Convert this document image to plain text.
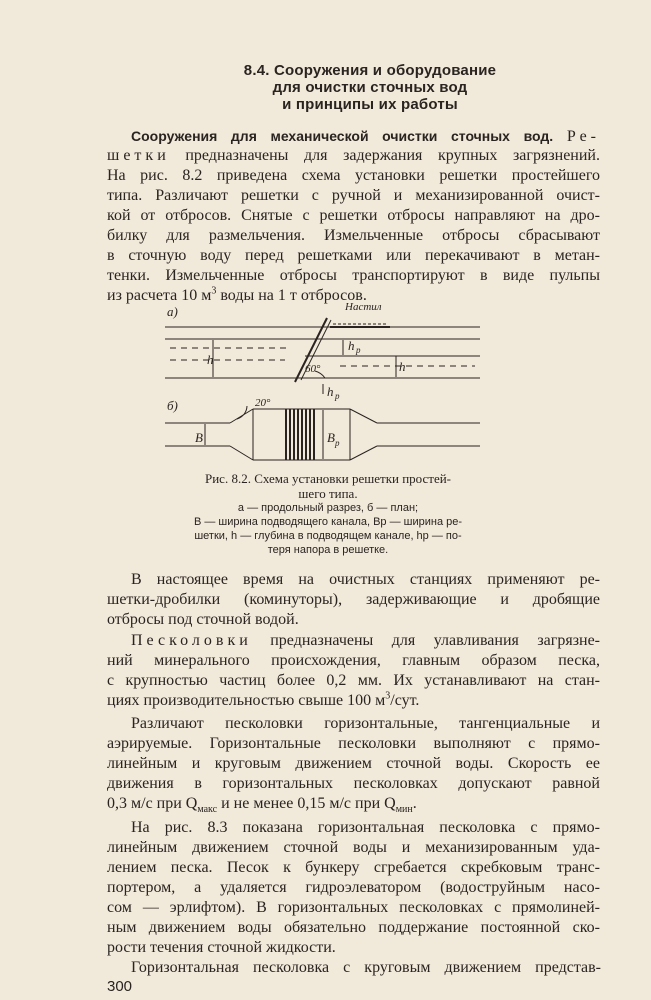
8.4. Сооружения и оборудование
для очистки сточных вод
и принципы их работы
Сооружения для механической очистки сточных вод. Ре-
шетки предназначены для задержания крупных загрязнений.
На рис. 8.2 приведена схема установки решетки простейшего
типа. Различают решетки с ручной и механизированной очист-
кой от отбросов. Снятые с решетки отбросы направляют на дро-
билку для размельчения. Измельченные отбросы сбрасывают
в сточную воду перед решетками или перекачивают в метан-
тенки. Измельченные отбросы транспортируют в виде пульпы
из расчета 10 $м^3$ воды на 1 т отбросов.
а)	Настил
h	h
h р
h р
60°
б)	20°
B	B р
Рис. 8.2. Схема установки решетки простей-
шего типа.
а — продольный разрез, б — план;
B — ширина подводящего канала, Bр — ширина ре-
шетки, h — глубина в подводящем канале, hр — по-
теря напора в решетке.
В настоящее время на очистных станциях применяют ре-
шетки-дробилки (коминуторы), задерживающие и дробящие
отбросы под сточной водой.
Песколовки предназначены для улавливания загрязне-
ний минерального происхождения, главным образом песка,
с крупностью частиц более 0,2 мм. Их устанавливают на стан-
циях производительностью свыше 100 $м^3$/сут.
Различают песколовки горизонтальные, тангенциальные и
аэрируемые. Горизонтальные песколовки выполняют с прямо-
линейным и круговым движением сточной воды. Скорость ее
движения в горизонтальных песколовках допускают равной
0,3 м/с при $Q_{макс}$ и не менее 0,15 м/с при $Q_{мин}$.
На рис. 8.3 показана горизонтальная песколовка с прямо-
линейным движением сточной воды и механизированным уда-
лением песка. Песок к бункеру сгребается скребковым транс-
портером, а удаляется гидроэлеватором (водоструйным насо-
сом — эрлифтом). В горизонтальных песколовках с прямолиней-
ным движением воды обязательно поддержание постоянной ско-
рости течения сточной жидкости.
Горизонтальная песколовка с круговым движением представ-
300
